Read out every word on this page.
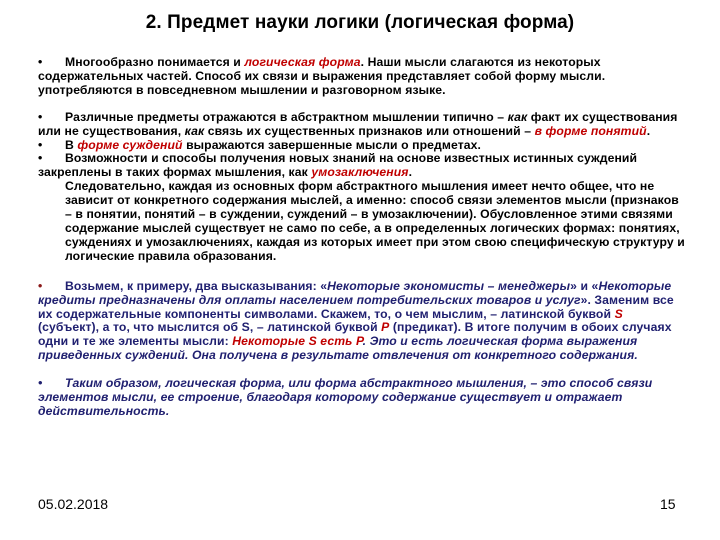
2. Предмет науки логики (логическая форма)

• Многообразно понимается и логическая форма. Наши мысли слагаются из некоторых содержательных частей. Способ их связи и выражения представляет собой форму мысли. употребляются в повседневном мышлении и разговорном языке.

• Различные предметы отражаются в абстрактном мышлении типично – как факт их существования или не существования, как связь их существенных признаков или отношений – в форме понятий.

• В форме суждений выражаются завершенные мысли о предметах.

• Возможности и способы получения новых знаний на основе известных истинных суждений закреплены в таких формах мышления, как умозаключения.

Следовательно, каждая из основных форм абстрактного мышления имеет нечто общее, что не зависит от конкретного содержания мыслей, а именно: способ связи элементов мысли (признаков – в понятии, понятий – в суждении, суждений – в умозаключении). Обусловленное этими связями содержание мыслей существует не само по себе, а в определенных логических формах: понятиях, суждениях и умозаключениях, каждая из которых имеет при этом свою специфическую структуру и логические правила образования.

• Возьмем, к примеру, два высказывания: «Некоторые экономисты – менеджеры» и «Некоторые кредиты предназначены для оплаты населением потребительских товаров и услуг». Заменим все их содержательные компоненты символами. Скажем, то, о чем мыслим, – латинской буквой S (субъект), а то, что мыслится об S, – латинской буквой P (предикат). В итоге получим в обоих случаях одни и те же элементы мысли: Некоторые S есть P. Это и есть логическая форма выражения приведенных суждений. Она получена в результате отвлечения от конкретного содержания.

• Таким образом, логическая форма, или форма абстрактного мышления, – это способ связи элементов мысли, ее строение, благодаря которому содержание существует и отражает действительность.

05.02.2018	15
